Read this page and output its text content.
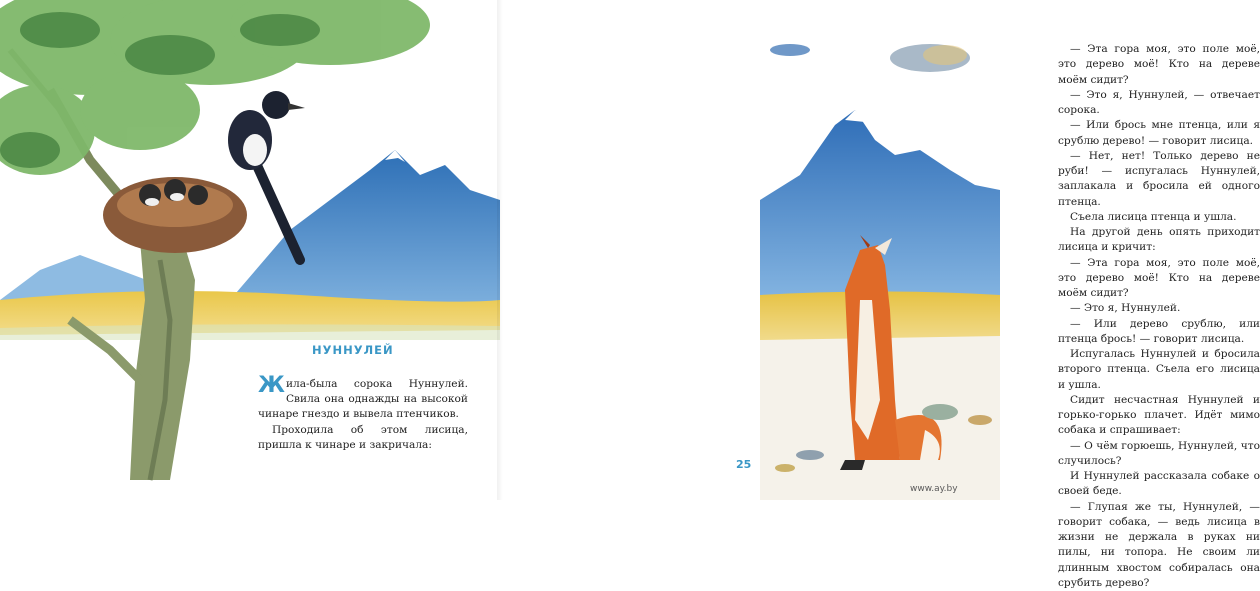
НУННУЛЕЙ

Жила-была сорока Нуннулей. Свила она однажды на высокой чинаре гнездо и вывела птенчиков.

Проходила об этом лисица, пришла к чинаре и закричала:

— Эта гора моя, это поле моё, это дерево моё! Кто на дереве моём сидит?

— Это я, Нуннулей, — отвечает сорока.

— Или брось мне птенца, или я срублю дерево! — говорит лисица.

— Нет, нет! Только дерево не руби! — испугалась Нуннулей, заплакала и бросила ей одного птенца.

Съела лисица птенца и ушла.

На другой день опять приходит лисица и кричит:

— Эта гора моя, это поле моё, это дерево моё! Кто на дереве моём сидит?

— Это я, Нуннулей.

— Или дерево срублю, или птенца брось! — говорит лисица.

Испугалась Нуннулей и бросила второго птенца. Съела его лисица и ушла.

Сидит несчастная Нуннулей и горько-горько плачет. Идёт мимо собака и спрашивает:

— О чём горюешь, Нуннулей, что случилось?

И Нуннулей рассказала собаке о своей беде.

— Глупая же ты, Нуннулей, — говорит собака, — ведь лисица в жизни не держала в руках ни пилы, ни топора. Не своим ли длинным хвостом собиралась она срубить дерево?

25
www.ay.by
